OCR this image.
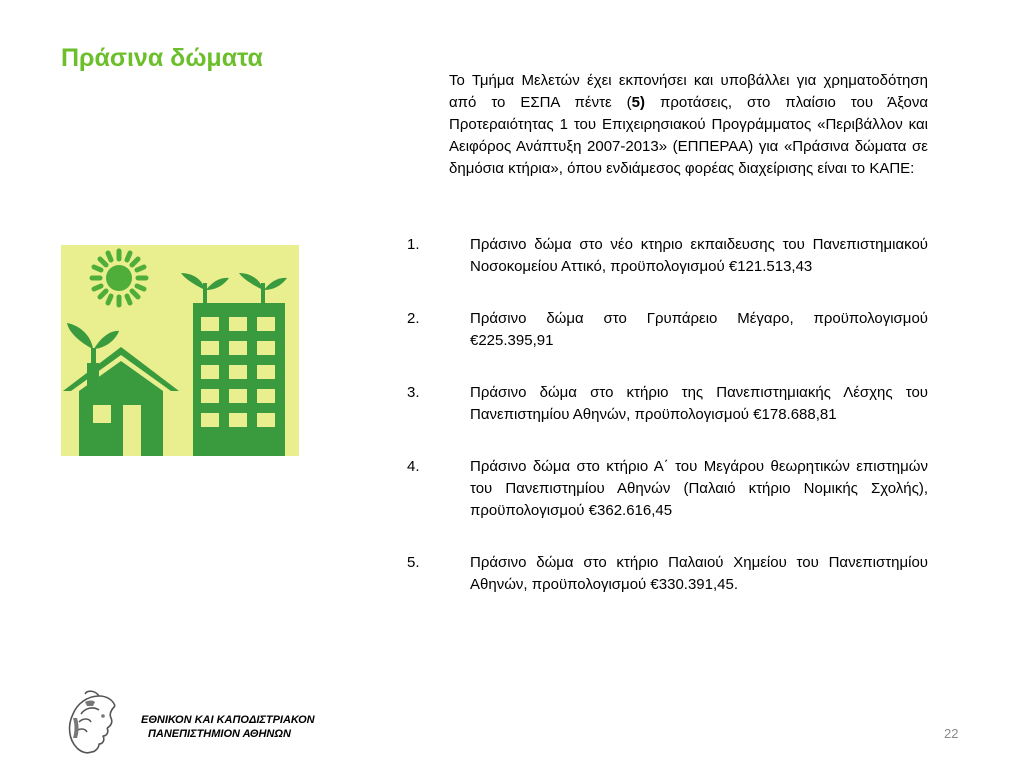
Πράσινα δώματα

Το Τμήμα Μελετών έχει εκπονήσει και υποβάλλει για χρηματοδότηση από το ΕΣΠΑ πέντε (5) προτάσεις, στο πλαίσιο του Άξονα Προτεραιότητας 1 του Επιχειρησιακού Προγράμματος «Περιβάλλον και Αειφόρος Ανάπτυξη 2007-2013» (ΕΠΠΕΡΑΑ) για «Πράσινα δώματα σε δημόσια κτήρια», όπου ενδιάμεσος φορέας διαχείρισης είναι το ΚΑΠΕ:

1.	Πράσινο δώμα στο νέο κτηριο εκπαιδευσης του Πανεπιστημιακού Νοσοκομείου Αττικό, προϋπολογισμού €121.513,43
2.	Πράσινο δώμα στο Γρυπάρειο Μέγαρο, προϋπολογισμού €225.395,91
3.	Πράσινο δώμα στο κτήριο της Πανεπιστημιακής Λέσχης του Πανεπιστημίου Αθηνών, προϋπολογισμού €178.688,81
4.	Πράσινο δώμα στο κτήριο Α΄ του Μεγάρου θεωρητικών επιστημών του Πανεπιστημίου Αθηνών (Παλαιό κτήριο Νομικής Σχολής), προϋπολογισμού €362.616,45
5.	Πράσινο δώμα στο κτήριο Παλαιού Χημείου του Πανεπιστημίου Αθηνών, προϋπολογισμού €330.391,45.
ΕΘΝΙΚΟΝ ΚΑΙ ΚΑΠΟΔΙΣΤΡΙΑΚΟΝ
ΠΑΝΕΠΙΣΤΗΜΙΟΝ ΑΘΗΝΩΝ	22
